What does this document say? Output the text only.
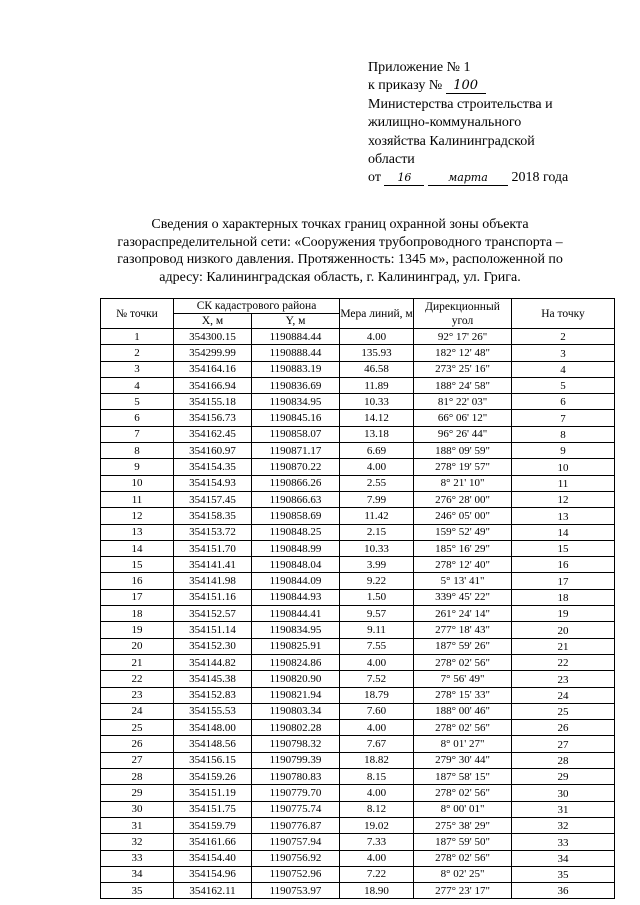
Приложение № 1
к приказу № 100
Министерства строительства и
жилищно-коммунального
хозяйства Калининградской
области
от 16	марта 2018 года
Сведения о характерных точках границ охранной зоны объекта
газораспределительной сети: «Сооружения трубопроводного транспорта –
газопровод низкого давления. Протяженность: 1345 м», расположенной по
адресу: Калининградская область, г. Калининград, ул. Грига.
№ точки	СК кадастрового района		Мера линий, м	Дирекционный угол	На точку
	X, м	Y, м			
1	354300.15	1190884.44	4.00	92° 17' 26"	2
2	354299.99	1190888.44	135.93	182° 12' 48"	3
3	354164.16	1190883.19	46.58	273° 25' 16"	4
4	354166.94	1190836.69	11.89	188° 24' 58"	5
5	354155.18	1190834.95	10.33	81° 22' 03"	6
6	354156.73	1190845.16	14.12	66° 06' 12"	7
7	354162.45	1190858.07	13.18	96° 26' 44"	8
8	354160.97	1190871.17	6.69	188° 09' 59"	9
9	354154.35	1190870.22	4.00	278° 19' 57"	10
10	354154.93	1190866.26	2.55	8° 21' 10"	11
11	354157.45	1190866.63	7.99	276° 28' 00"	12
12	354158.35	1190858.69	11.42	246° 05' 00"	13
13	354153.72	1190848.25	2.15	159° 52' 49"	14
14	354151.70	1190848.99	10.33	185° 16' 29"	15
15	354141.41	1190848.04	3.99	278° 12' 40"	16
16	354141.98	1190844.09	9.22	5° 13' 41"	17
17	354151.16	1190844.93	1.50	339° 45' 22"	18
18	354152.57	1190844.41	9.57	261° 24' 14"	19
19	354151.14	1190834.95	9.11	277° 18' 43"	20
20	354152.30	1190825.91	7.55	187° 59' 26"	21
21	354144.82	1190824.86	4.00	278° 02' 56"	22
22	354145.38	1190820.90	7.52	7° 56' 49"	23
23	354152.83	1190821.94	18.79	278° 15' 33"	24
24	354155.53	1190803.34	7.60	188° 00' 46"	25
25	354148.00	1190802.28	4.00	278° 02' 56"	26
26	354148.56	1190798.32	7.67	8° 01' 27"	27
27	354156.15	1190799.39	18.82	279° 30' 44"	28
28	354159.26	1190780.83	8.15	187° 58' 15"	29
29	354151.19	1190779.70	4.00	278° 02' 56"	30
30	354151.75	1190775.74	8.12	8° 00' 01"	31
31	354159.79	1190776.87	19.02	275° 38' 29"	32
32	354161.66	1190757.94	7.33	187° 59' 50"	33
33	354154.40	1190756.92	4.00	278° 02' 56"	34
34	354154.96	1190752.96	7.22	8° 02' 25"	35
35	354162.11	1190753.97	18.90	277° 23' 17"	36
